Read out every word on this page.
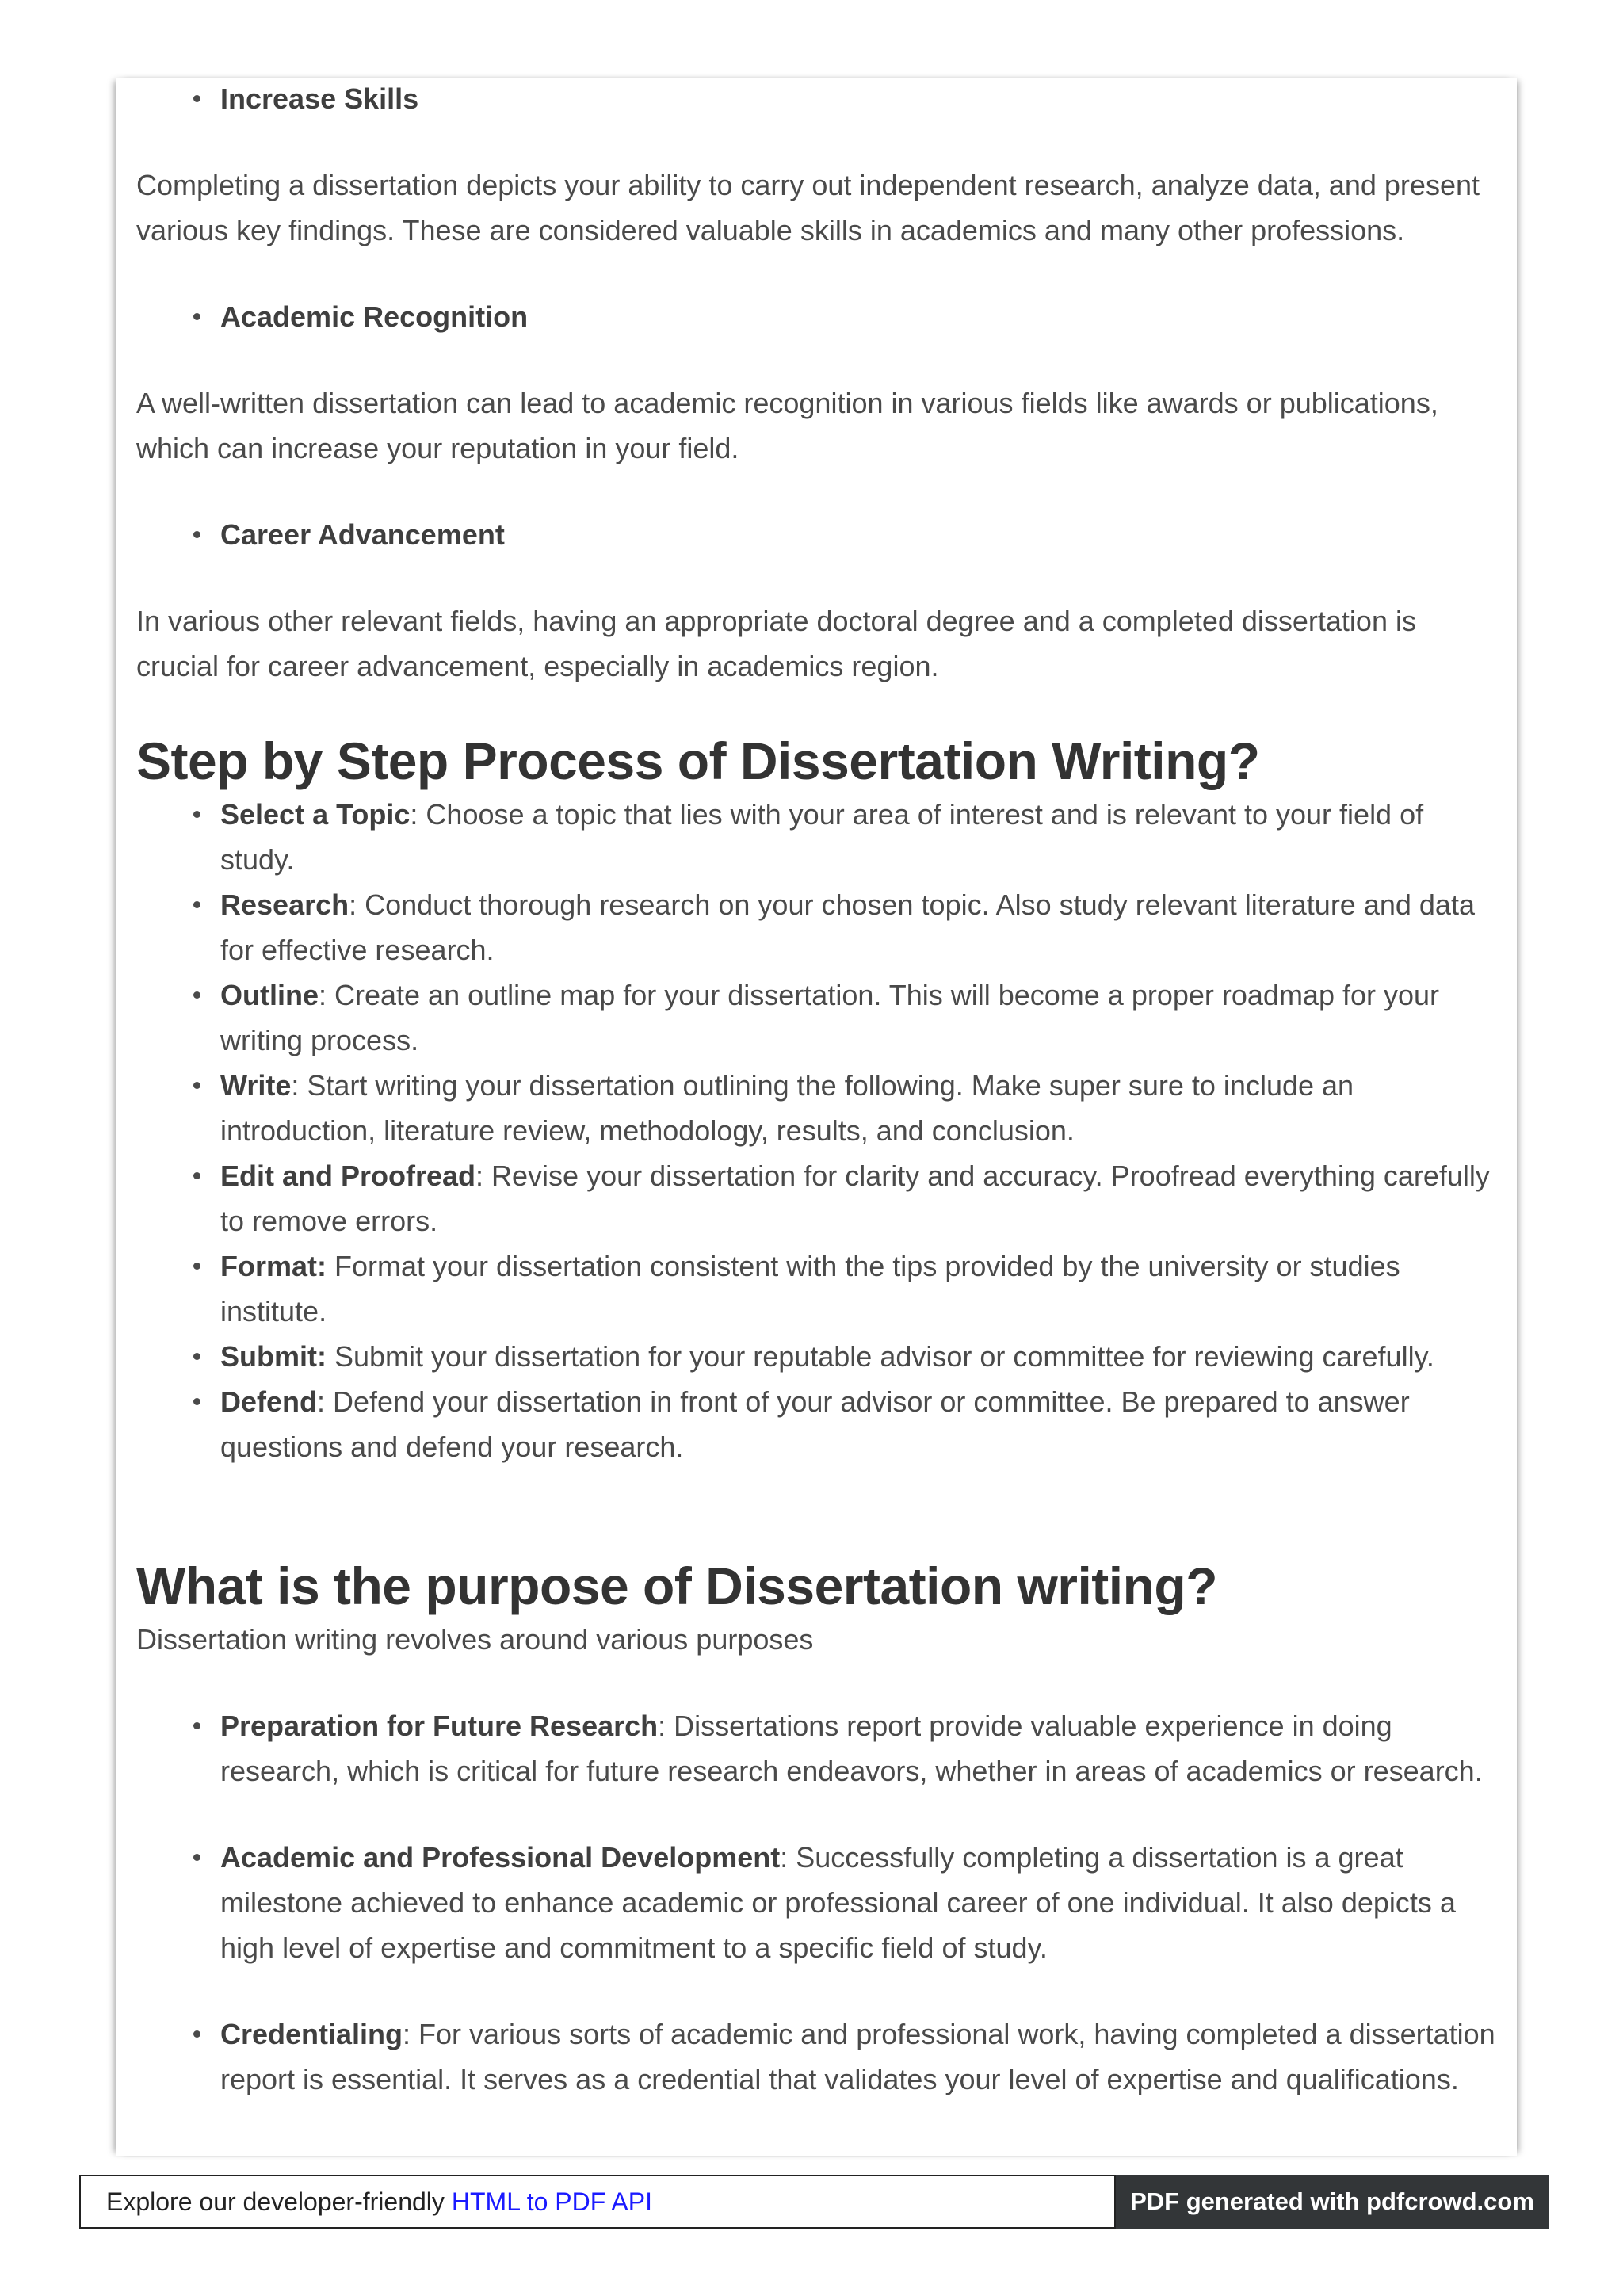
Increase Skills

Completing a dissertation depicts your ability to carry out independent research, analyze data, and present various key findings. These are considered valuable skills in academics and many other professions.

Academic Recognition

A well-written dissertation can lead to academic recognition in various fields like awards or publications, which can increase your reputation in your field.

Career Advancement

In various other relevant fields, having an appropriate doctoral degree and a completed dissertation is crucial for career advancement, especially in academics region.

Step by Step Process of Dissertation Writing?
Select a Topic: Choose a topic that lies with your area of interest and is relevant to your field of study.
Research: Conduct thorough research on your chosen topic. Also study relevant literature and data for effective research.
Outline: Create an outline map for your dissertation. This will become a proper roadmap for your writing process.
Write: Start writing your dissertation outlining the following. Make super sure to include an introduction, literature review, methodology, results, and conclusion.
Edit and Proofread: Revise your dissertation for clarity and accuracy. Proofread everything carefully to remove errors.
Format: Format your dissertation consistent with the tips provided by the university or studies institute.
Submit: Submit your dissertation for your reputable advisor or committee for reviewing carefully.
Defend: Defend your dissertation in front of your advisor or committee. Be prepared to answer questions and defend your research.
What is the purpose of Dissertation writing?

Dissertation writing revolves around various purposes

Preparation for Future Research: Dissertations report provide valuable experience in doing research, which is critical for future research endeavors, whether in areas of academics or research.
Academic and Professional Development: Successfully completing a dissertation is a great milestone achieved to enhance academic or professional career of one individual. It also depicts a high level of expertise and commitment to a specific field of study.
Credentialing: For various sorts of academic and professional work, having completed a dissertation report is essential. It serves as a credential that validates your level of expertise and qualifications.
Explore our developer-friendly HTML to PDF API	PDF generated with pdfcrowd.com
